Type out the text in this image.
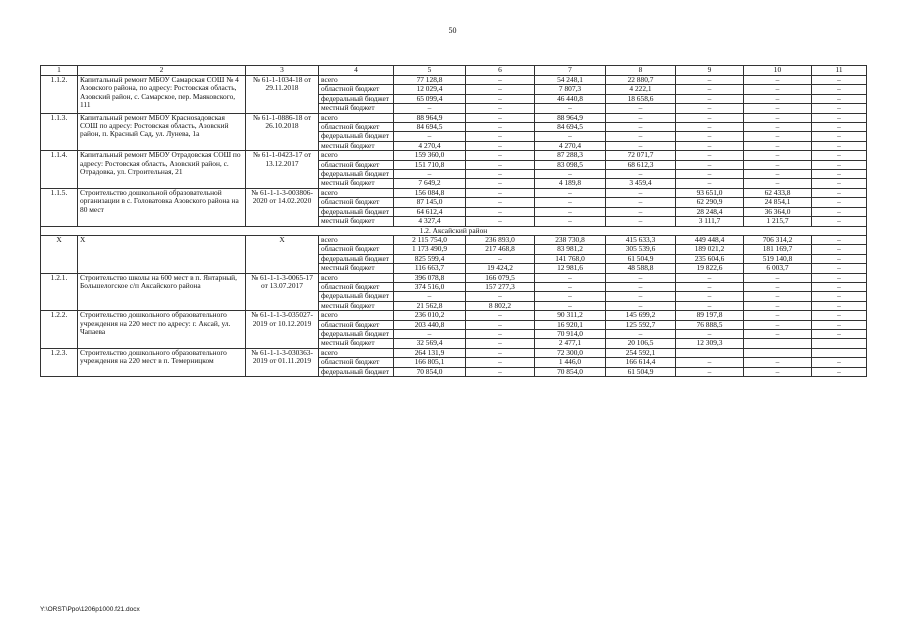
50
1	2	3	4	5	6	7	8	9	10	11
1.1.2.	Капитальный ремонт МБОУ Самарская СОШ № 4 Азовского района, по адресу: Ростовская область, Азовский район, с. Самарское, пер. Маяковского, 111	№ 61-1-1034-18 от 29.11.2018	всего	77 128,8	–	54 248,1	22 880,7	–	–	–
			областной бюджет	12 029,4	–	7 807,3	4 222,1	–	–	–
			федеральный бюджет	65 099,4	–	46 440,8	18 658,6	–	–	–
			местный бюджет	–	–	–	–	–	–	–
1.1.3.	Капитальный ремонт МБОУ Краснosадовская СОШ по адресу: Ростовская область, Азовский район, п. Красный Сад, ул. Лунева, 1а	№ 61-1-0886-18 от 26.10.2018	всего	88 964,9	–	88 964,9	–	–	–	–
			областной бюджет	84 694,5	–	84 694,5	–	–	–	–
			федеральный бюджет	–	–	–	–	–	–	–
			местный бюджет	4 270,4	–	4 270,4	–	–	–	–
1.1.4.	Капитальный ремонт МБОУ Отрадовская СОШ по адресу: Ростовская область, Азовский район, с. Отрадовка, ул. Строительная, 21	№ 61-1-0423-17 от 13.12.2017	всего	159 360,0	–	87 288,3	72 071,7	–	–	–
			областной бюджет	151 710,8	–	83 098,5	68 612,3	–	–	–
			федеральный бюджет	–	–	–	–	–	–	–
			местный бюджет	7 649,2	–	4 189,8	3 459,4	–	–	–
1.1.5.	Строительство дошкольной образовательной организации в с. Головатовка Азовского района на 80 мест	№ 61-1-1-3-003806-2020 от 14.02.2020	всего	156 084,8	–	–	–	93 651,0	62 433,8	–
			областной бюджет	87 145,0	–	–	–	62 290,9	24 854,1	–
			федеральный бюджет	64 612,4	–	–	–	28 248,4	36 364,0	–
			местный бюджет	4 327,4	–	–	–	3 111,7	1 215,7	–
1.2. Аксайский район										
Х	Х	Х	всего	2 115 754,0	236 893,0	238 730,8	415 633,3	449 448,4	706 314,2	–
			областной бюджет	1 173 490,9	217 468,8	83 981,2	305 539,6	189 021,2	181 169,7	–
			федеральный бюджет	825 599,4	–	141 768,0	61 504,9	235 604,6	519 140,8	–
			местный бюджет	116 663,7	19 424,2	12 981,6	48 588,8	19 822,6	6 003,7	–
1.2.1.	Строительство школы на 600 мест в п. Янтарный, Большелогское с/п Аксайского района	№ 61-1-1-3-0065-17 от 13.07.2017	всего	396 078,8	166 079,5	–	–	–	–	–
			областной бюджет	374 516,0	157 277,3	–	–	–	–	–
			федеральный бюджет	–	–	–	–	–	–	–
			местный бюджет	21 562,8	8 802,2	–	–	–	–	–
1.2.2.	Строительство дошкольного образовательного учреждения на 220 мест по адресу: г. Аксай, ул. Чапаева	№ 61-1-1-3-035027-2019 от 10.12.2019	всего	236 010,2	–	90 311,2	145 699,2	89 197,8	–	–
			областной бюджет	203 440,8	–	16 920,1	125 592,7	76 888,5	–	–
			федеральный бюджет	–	–	70 914,0	–	–	–	–
			местный бюджет	32 569,4	–	2 477,1	20 106,5	12 309,3		
1.2.3.	Строительство дошкольного образовательного учреждения на 220 мест в п. Темерницком	№ 61-1-1-3-030363-2019 от 01.11.2019	всего	264 131,9	–	72 300,0	254 592,1			
			областной бюджет	166 805,1	–	1 446,0	166 614,4	–	–	–
			федеральный бюджет	70 854,0	–	70 854,0	61 504,9	–	–	–
Y:\ORST\Ppo\1206p1000.f21.docx
